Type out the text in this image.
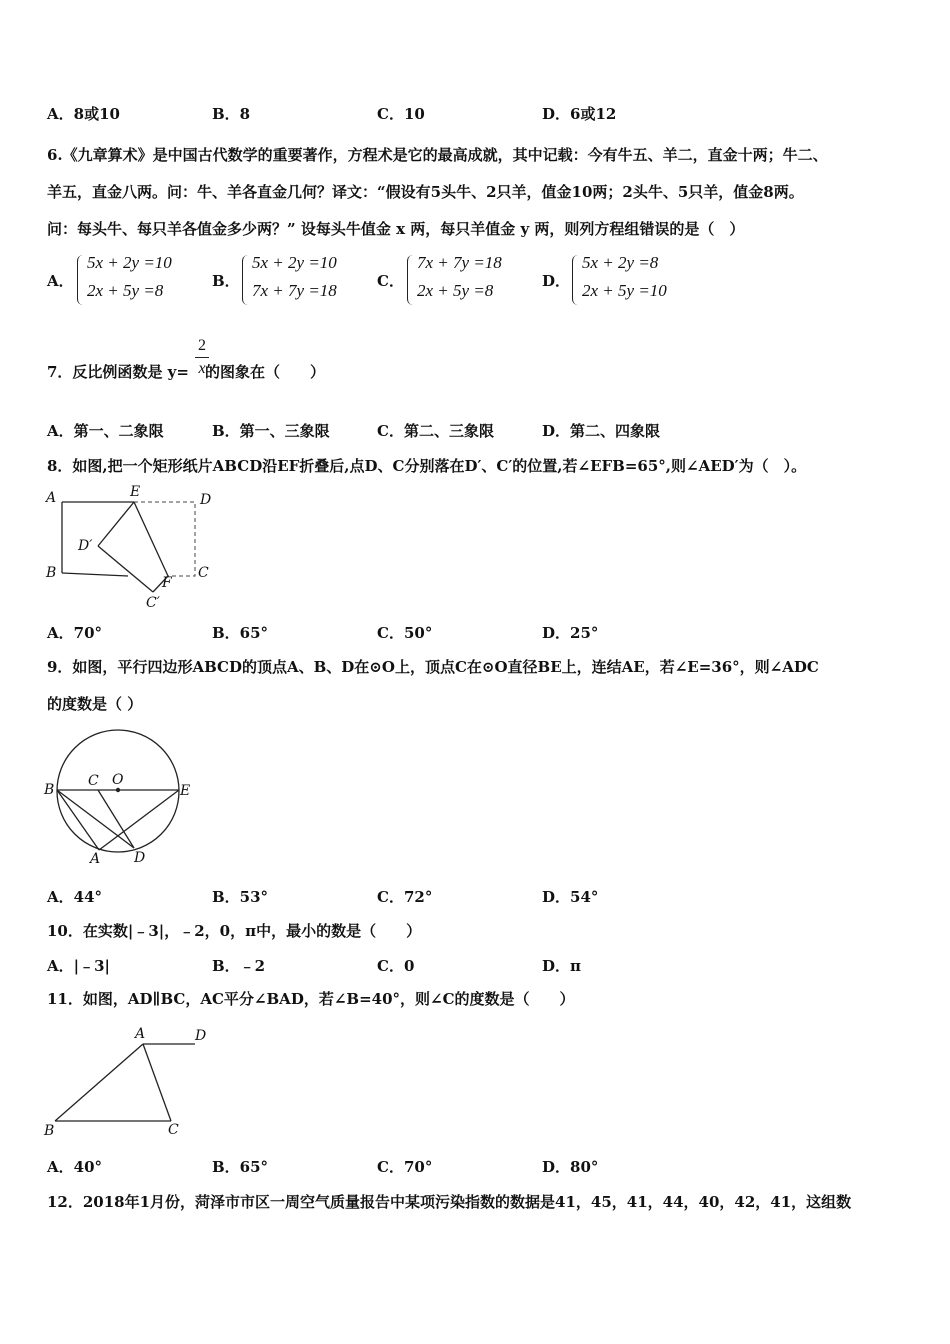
A．8或10	B．8	C．10	D．6或12
6.《九章算术》是中国古代数学的重要著作，方程术是它的最高成就，其中记载：今有牛五、羊二，直金十两；牛二、
羊五，直金八两。问：牛、羊各直金几何？译文：“假设有5头牛、2只羊，值金10两；2头牛、5只羊，值金8两。
问：每头牛、每只羊各值金多少两？” 设每头牛值金 x 两，每只羊值金 y 两，则列方程组错误的是（　）
A．
5x + 2y =10
2x + 5y =8	B．
5x + 2y =10
7x + 7y =18	C．
7x + 7y =18
2x + 5y =8	D．
5x + 2y =8
2x + 5y =10
7．反比例函数是 y= 的图象在（　　）
2
x
A．第一、二象限	B．第一、三象限	C．第二、三象限	D．第二、四象限
8．如图,把一个矩形纸片ABCD沿EF折叠后,点D、C分别落在D′、C′的位置,若∠EFB=65°,则∠AED′为（　）。
A	E	D
D′
B
F
C
C′
A．70°	B．65°	C．50°	D．25°
9．如图，平行四边形ABCD的顶点A、B、D在⊙O上，顶点C在⊙O直径BE上，连结AE，若∠E=36°，则∠ADC
的度数是（ ）
B
C O
E
A D
A．44°	B．53°	C．72°	D．54°
10．在实数|﹣3|，﹣2，0，π中，最小的数是（　　）
A．|﹣3|	B．﹣2	C．0	D．π
11．如图，AD∥BC，AC平分∠BAD，若∠B=40°，则∠C的度数是（　　）
A	D
B	C
A．40°	B．65°	C．70°	D．80°
12．2018年1月份，菏泽市市区一周空气质量报告中某项污染指数的数据是41，45，41，44，40，42，41，这组数
